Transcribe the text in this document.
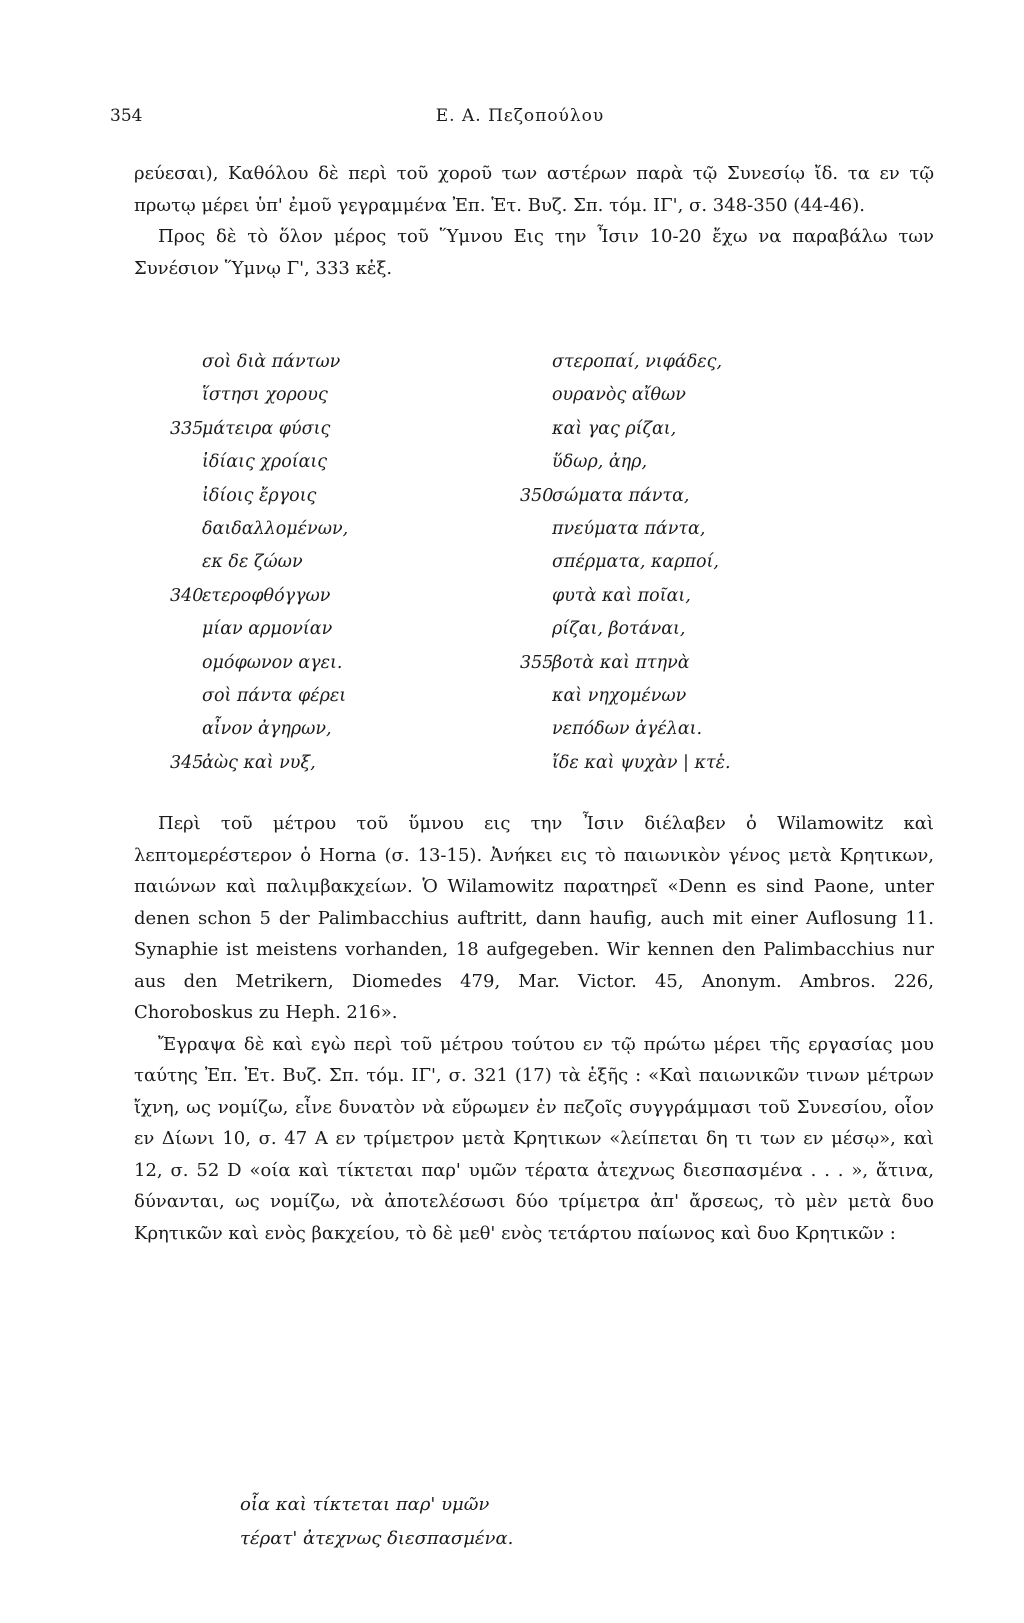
354	Ε. Α. Πεζοπούλου

ρεύεσαι), Καθόλου δὲ περὶ τοῦ χοροῦ των αστέρων παρὰ τῷ Συνεσίῳ ἴδ. τα εν τῷ πρωτῳ μέρει ὑπ' ἐμοῦ γεγραμμένα Ἐπ. Ἑτ. Βυζ. Σπ. τόμ. ΙΓ', σ. 348-350 (44-46).

Προς δὲ τὸ ὅλον μέρος τοῦ Ὕμνου Εις την Ἶσιν 10-20 ἔχω να παραβάλω των Συνέσιον Ὕμνῳ Γ', 333 κἑξ.

σοὶ διὰ πάντων
ἵστησι χορους
335
μάτειρα φύσις
ἰδίαις χροίαις
ἰδίοις ἔργοις
δαιδαλλομένων,
εκ δε ζώων
340
ετεροφθόγγων
μίαν αρμονίαν
ομόφωνον αγει.
σοὶ πάντα φέρει
αἶνον ἀγηρων,
345
ἀὼς καὶ νυξ,
στεροπαί, νιφάδες,
ουρανὸς αἴθων
καὶ γας ρίζαι,
ὕδωρ, ἀηρ,
350
σώματα πάντα,
πνεύματα πάντα,
σπέρματα, καρποί,
φυτὰ καὶ ποῖαι,
ρίζαι, βοτάναι,
355
βοτὰ καὶ πτηνὰ
καὶ νηχομένων
νεπόδων ἀγέλαι.
ἴδε καὶ ψυχὰν | κτἑ.

Περὶ τοῦ μέτρου τοῦ ὕμνου εις την Ἶσιν διέλαβεν ὁ Wilamowitz καὶ λεπτομερέστερον ὁ Horna (σ. 13-15). Ἀνήκει εις τὸ παιωνικὸν γένος μετὰ Κρητικων, παιώνων καὶ παλιμβακχείων. Ὁ Wilamowitz παρατηρεῖ «Denn es sind Paone, unter denen schon 5 der Palimbacchius auftritt, dann haufig, auch mit einer Auflosung 11. Synaphie ist meistens vorhanden, 18 aufgegeben. Wir kennen den Palimbacchius nur aus den Metrikern, Diomedes 479, Mar. Victor. 45, Anonym. Ambros. 226, Choroboskus zu Heph. 216».

Ἔγραψα δὲ καὶ εγὼ περὶ τοῦ μέτρου τούτου εν τῷ πρώτω μέρει τῆς εργασίας μου ταύτης Ἐπ. Ἑτ. Βυζ. Σπ. τόμ. ΙΓ', σ. 321 (17) τὰ ἑξῆς : «Καὶ παιωνικῶν τινων μέτρων ἴχνη, ως νομίζω, εἶνε δυνατὸν νὰ εὕρωμεν ἐν πεζοῖς συγγράμμασι τοῦ Συνεσίου, οἷον εν Δίωνι 10, σ. 47 Α εν τρίμετρον μετὰ Κρητικων «λείπεται δη τι των εν μέσῳ», καὶ 12, σ. 52 D «οία καὶ τίκτεται παρ' υμῶν τέρατα ἀτεχνως διεσπασμένα . . . », ἅτινα, δύνανται, ως νομίζω, νὰ ἀποτελέσωσι δύο τρίμετρα ἀπ' ἄρσεως, τὸ μὲν μετὰ δυο Κρητικῶν καὶ ενὸς βακχείου, τὸ δὲ μεθ' ενὸς τετάρτου παίωνος καὶ δυο Κρητικῶν :

οἷα καὶ τίκτεται παρ' υμῶν
τέρατ' ἀτεχνως διεσπασμένα.
